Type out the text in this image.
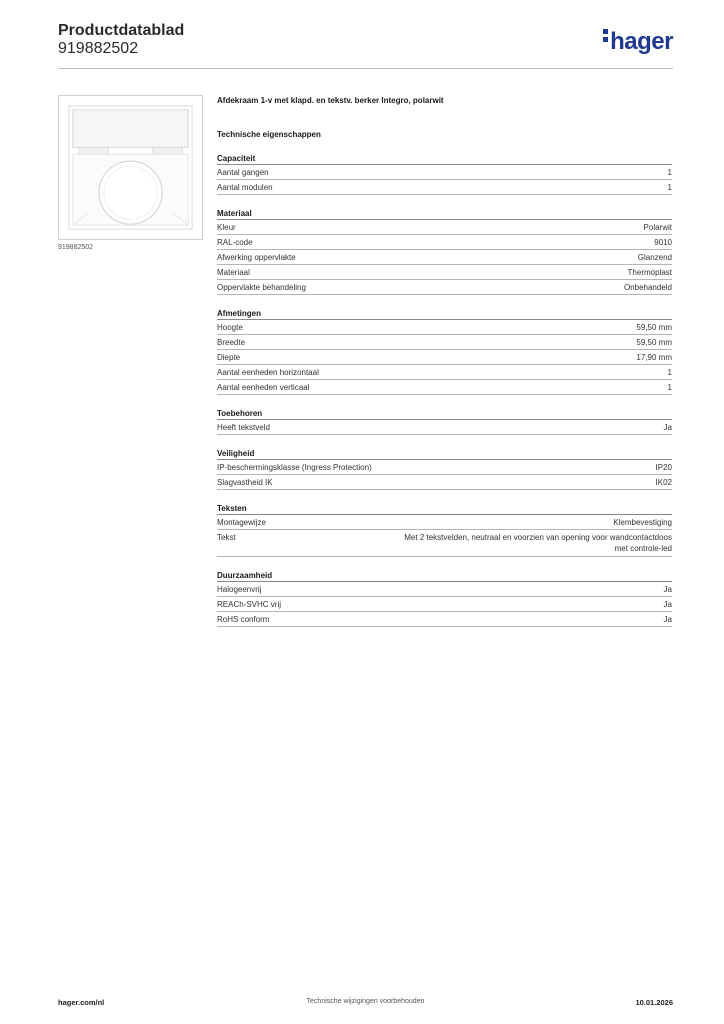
Productdatablad
919882502	hager
919882502
Afdekraam 1-v met klapd. en tekstv. berker Integro, polarwit
Technische eigenschappen
Capaciteit
Aantal gangen	1
Aantal modulen	1
Materiaal
Kleur	Polarwit
RAL-code	9010
Afwerking oppervlakte	Glanzend
Materiaal	Thermoplast
Oppervlakte behandeling	Onbehandeld
Afmetingen
Hoogte	59,50 mm
Breedte	59,50 mm
Diepte	17,90 mm
Aantal eenheden horizontaal	1
Aantal eenheden verticaal	1
Toebehoren
Heeft tekstveld	Ja
Veiligheid
IP-beschermingsklasse (Ingress Protection)	IP20
Slagvastheid IK	IK02
Teksten
Montagewijze	Klembevestiging
Tekst	Met 2 tekstvelden, neutraal en voorzien van opening voor wandcontactdoos met controle-led
Duurzaamheid
Halogeenvrij	Ja
REACh-SVHC vrij	Ja
RoHS conform	Ja
hager.com/nl	Technische wijzigingen voorbehouden	10.01.2026
